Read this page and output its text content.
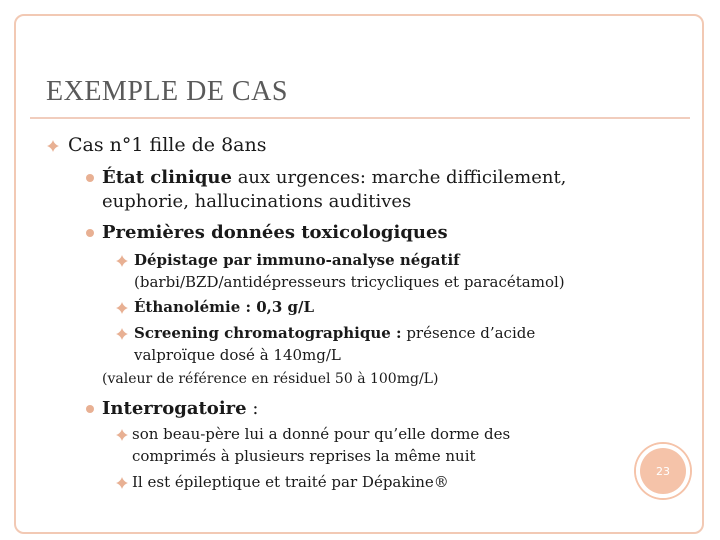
EXEMPLE DE CAS
Cas n°1 fille de 8ans
État clinique aux urgences: marche difficilement,
euphorie, hallucinations auditives
Premières données toxicologiques
Dépistage par immuno-analyse négatif
(barbi/BZD/antidépresseurs tricycliques et paracétamol)
Éthanolémie : 0,3 g/L
Screening chromatographique : présence d’acide
valproïque dosé à 140mg/L
(valeur de référence en résiduel 50 à 100mg/L)
Interrogatoire :
son beau-père lui a donné pour qu’elle dorme des
comprimés à plusieurs reprises la même nuit
Il est épileptique et traité par Dépakine®
23
